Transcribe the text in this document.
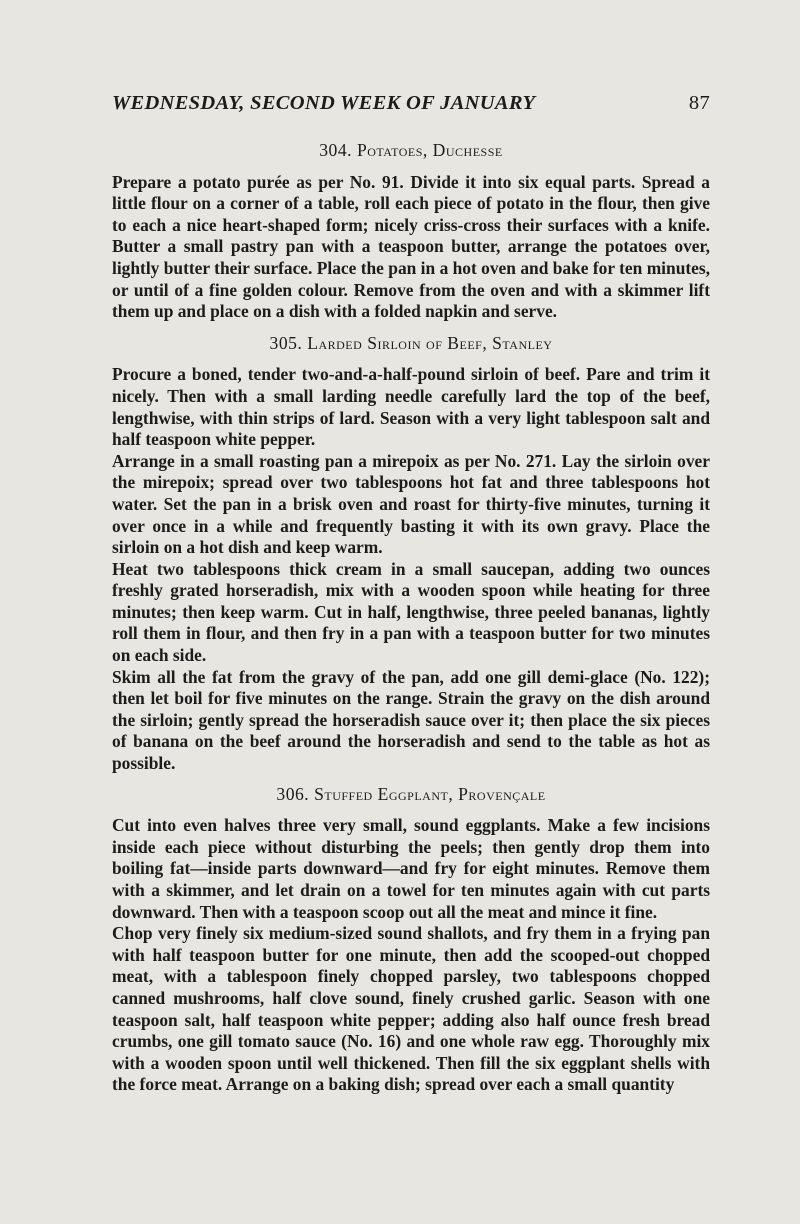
WEDNESDAY, SECOND WEEK OF JANUARY	87
304. Potatoes, Duchesse

Prepare a potato purée as per No. 91. Divide it into six equal parts. Spread a little flour on a corner of a table, roll each piece of potato in the flour, then give to each a nice heart-shaped form; nicely criss-cross their surfaces with a knife. Butter a small pastry pan with a teaspoon butter, arrange the potatoes over, lightly butter their surface. Place the pan in a hot oven and bake for ten minutes, or until of a fine golden colour. Remove from the oven and with a skimmer lift them up and place on a dish with a folded napkin and serve.

305. Larded Sirloin of Beef, Stanley

Procure a boned, tender two-and-a-half-pound sirloin of beef. Pare and trim it nicely. Then with a small larding needle carefully lard the top of the beef, lengthwise, with thin strips of lard. Season with a very light tablespoon salt and half teaspoon white pepper.

Arrange in a small roasting pan a mirepoix as per No. 271. Lay the sirloin over the mirepoix; spread over two tablespoons hot fat and three tablespoons hot water. Set the pan in a brisk oven and roast for thirty-five minutes, turning it over once in a while and frequently basting it with its own gravy. Place the sirloin on a hot dish and keep warm.

Heat two tablespoons thick cream in a small saucepan, adding two ounces freshly grated horseradish, mix with a wooden spoon while heating for three minutes; then keep warm. Cut in half, lengthwise, three peeled bananas, lightly roll them in flour, and then fry in a pan with a teaspoon butter for two minutes on each side.

Skim all the fat from the gravy of the pan, add one gill demi-glace (No. 122); then let boil for five minutes on the range. Strain the gravy on the dish around the sirloin; gently spread the horseradish sauce over it; then place the six pieces of banana on the beef around the horseradish and send to the table as hot as possible.

306. Stuffed Eggplant, Provençale

Cut into even halves three very small, sound eggplants. Make a few incisions inside each piece without disturbing the peels; then gently drop them into boiling fat—inside parts downward—and fry for eight minutes. Remove them with a skimmer, and let drain on a towel for ten minutes again with cut parts downward. Then with a teaspoon scoop out all the meat and mince it fine.

Chop very finely six medium-sized sound shallots, and fry them in a frying pan with half teaspoon butter for one minute, then add the scooped-out chopped meat, with a tablespoon finely chopped parsley, two tablespoons chopped canned mushrooms, half clove sound, finely crushed garlic. Season with one teaspoon salt, half teaspoon white pepper; adding also half ounce fresh bread crumbs, one gill tomato sauce (No. 16) and one whole raw egg. Thoroughly mix with a wooden spoon until well thickened. Then fill the six eggplant shells with the force meat. Arrange on a baking dish; spread over each a small quantity
